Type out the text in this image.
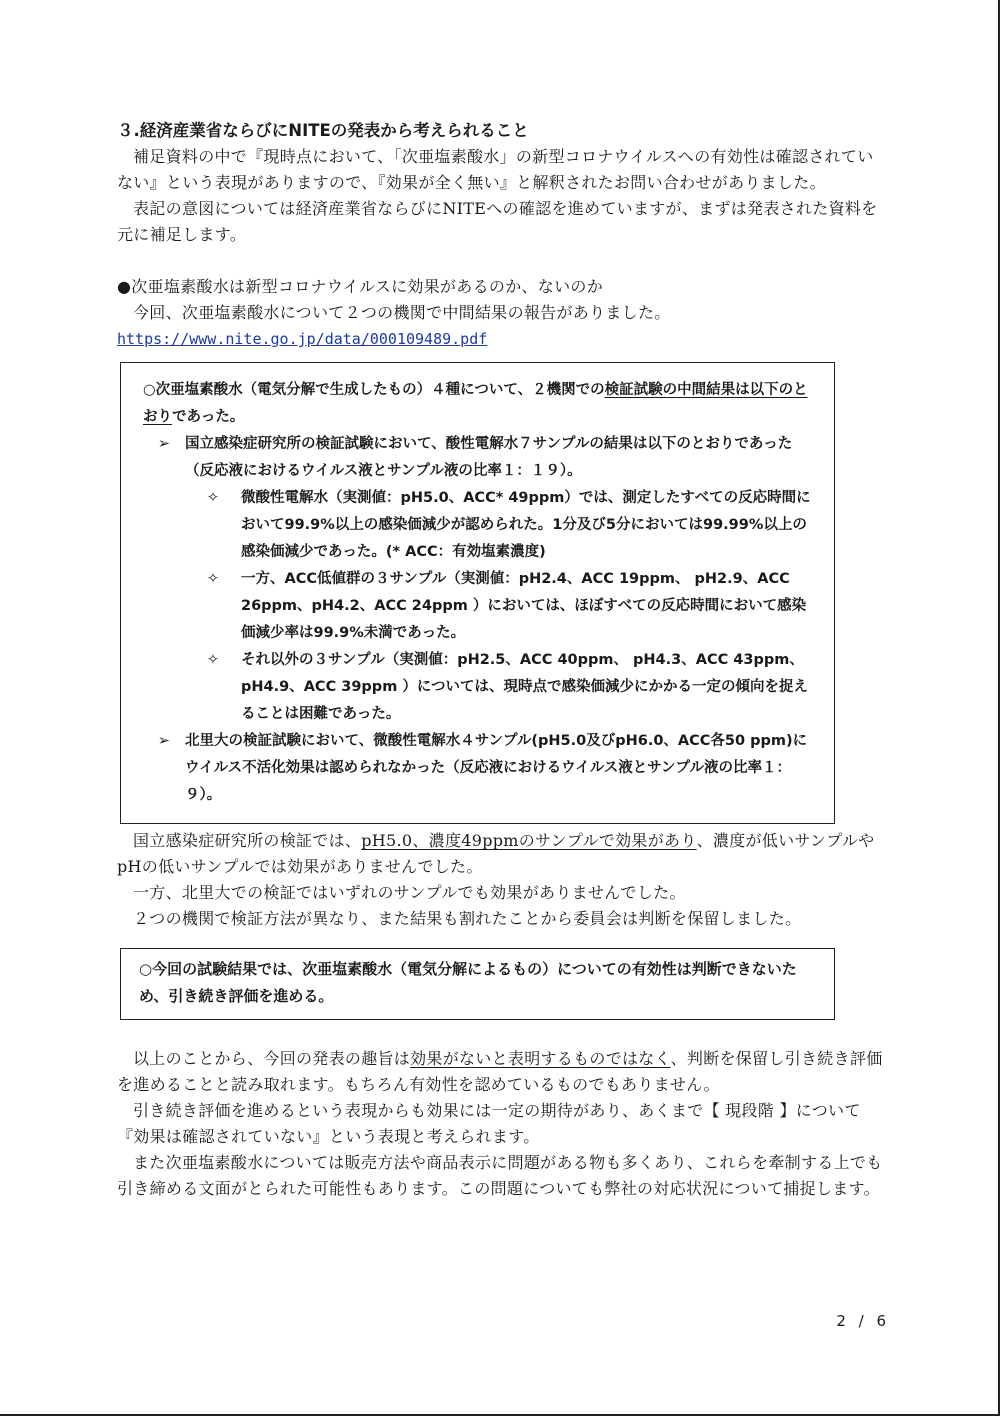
３.経済産業省ならびにNITEの発表から考えられること

補足資料の中で『現時点において、「次亜塩素酸水」の新型コロナウイルスへの有効性は確認されていない』という表現がありますので、『効果が全く無い』と解釈されたお問い合わせがありました。

表記の意図については経済産業省ならびにNITEへの確認を進めていますが、まずは発表された資料を元に補足します。

●次亜塩素酸水は新型コロナウイルスに効果があるのか、ないのか

今回、次亜塩素酸水について２つの機関で中間結果の報告がありました。

https://www.nite.go.jp/data/000109489.pdf

○次亜塩素酸水（電気分解で生成したもの）４種について、２機関での検証試験の中間結果は以下のとおりであった。

➢	国立感染症研究所の検証試験において、酸性電解水７サンプルの結果は以下のとおりであった（反応液におけるウイルス液とサンプル液の比率１：１９）。
✧	微酸性電解水（実測値：pH5.0、ACC* 49ppm）では、測定したすべての反応時間において99.9%以上の感染価減少が認められた。1分及び5分においては99.99%以上の感染価減少であった。(* ACC：有効塩素濃度)
✧	一方、ACC低値群の３サンプル（実測値：pH2.4、ACC 19ppm、 pH2.9、ACC 26ppm、pH4.2、ACC 24ppm ）においては、ほぼすべての反応時間において感染価減少率は99.9%未満であった。
✧	それ以外の３サンプル（実測値：pH2.5、ACC 40ppm、 pH4.3、ACC 43ppm、 pH4.9、ACC 39ppm ）については、現時点で感染価減少にかかる一定の傾向を捉えることは困難であった。
➢	北里大の検証試験において、微酸性電解水４サンプル(pH5.0及びpH6.0、ACC各50 ppm)にウイルス不活化効果は認められなかった（反応液におけるウイルス液とサンプル液の比率１：９）。

国立感染症研究所の検証では、pH5.0、濃度49ppmのサンプルで効果があり、濃度が低いサンプルやpHの低いサンプルでは効果がありませんでした。

一方、北里大での検証ではいずれのサンプルでも効果がありませんでした。

２つの機関で検証方法が異なり、また結果も割れたことから委員会は判断を保留しました。

○今回の試験結果では、次亜塩素酸水（電気分解によるもの）についての有効性は判断できないため、引き続き評価を進める。

以上のことから、今回の発表の趣旨は効果がないと表明するものではなく、判断を保留し引き続き評価を進めることと読み取れます。もちろん有効性を認めているものでもありません。

引き続き評価を進めるという表現からも効果には一定の期待があり、あくまで【 現段階 】について『効果は確認されていない』という表現と考えられます。

また次亜塩素酸水については販売方法や商品表示に問題がある物も多くあり、これらを牽制する上でも引き締める文面がとられた可能性もあります。この問題についても弊社の対応状況について捕捉します。

2 / 6
